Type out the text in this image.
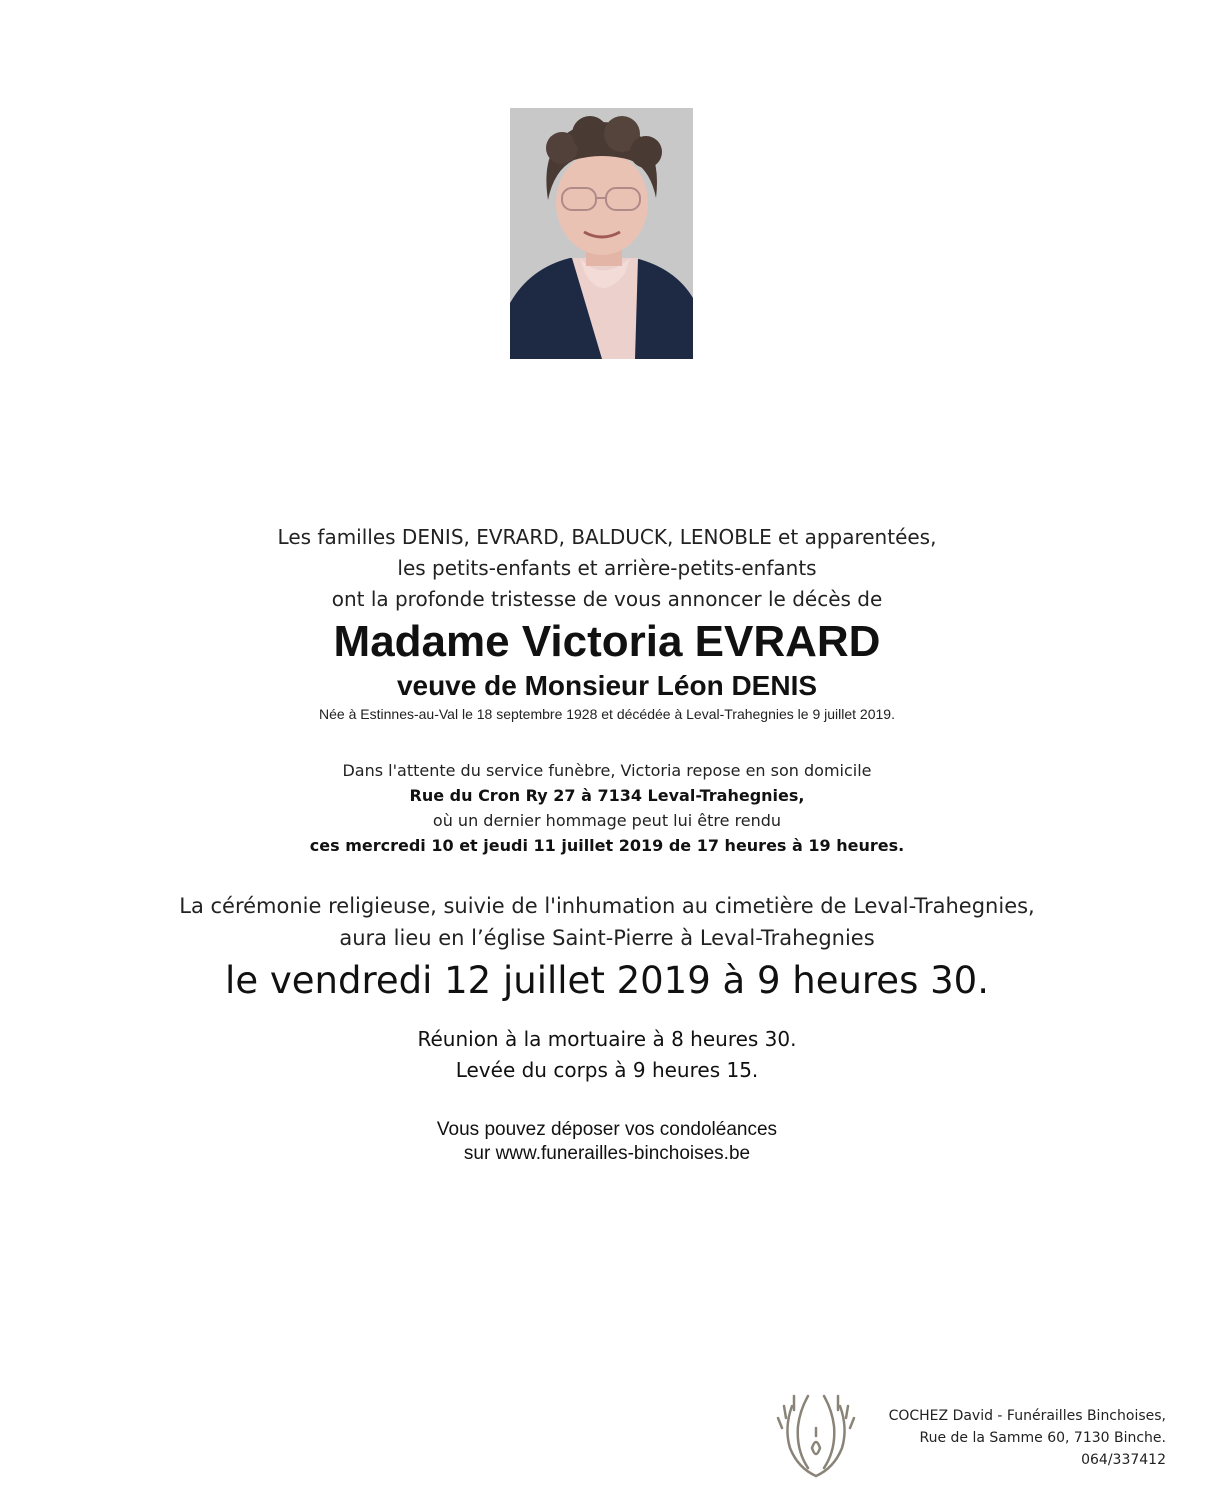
Les familles DENIS, EVRARD, BALDUCK, LENOBLE et apparentées,
les petits-enfants et arrière-petits-enfants
ont la profonde tristesse de vous annoncer le décès de
Madame Victoria EVRARD
veuve de Monsieur Léon DENIS
Née à Estinnes-au-Val le 18 septembre 1928 et décédée à Leval-Trahegnies le 9 juillet 2019.
Dans l'attente du service funèbre, Victoria repose en son domicile
Rue du Cron Ry 27 à 7134 Leval-Trahegnies,
où un dernier hommage peut lui être rendu
ces mercredi 10 et jeudi 11 juillet 2019 de 17 heures à 19 heures.
La cérémonie religieuse, suivie de l'inhumation au cimetière de Leval-Trahegnies,
aura lieu en l’église Saint-Pierre à Leval-Trahegnies
le vendredi 12 juillet 2019 à 9 heures 30.
Réunion à la mortuaire à 8 heures 30.
Levée du corps à 9 heures 15.
Vous pouvez déposer vos condoléances
sur www.funerailles-binchoises.be
COCHEZ David - Funérailles Binchoises,
Rue de la Samme 60, 7130 Binche.
064/337412
